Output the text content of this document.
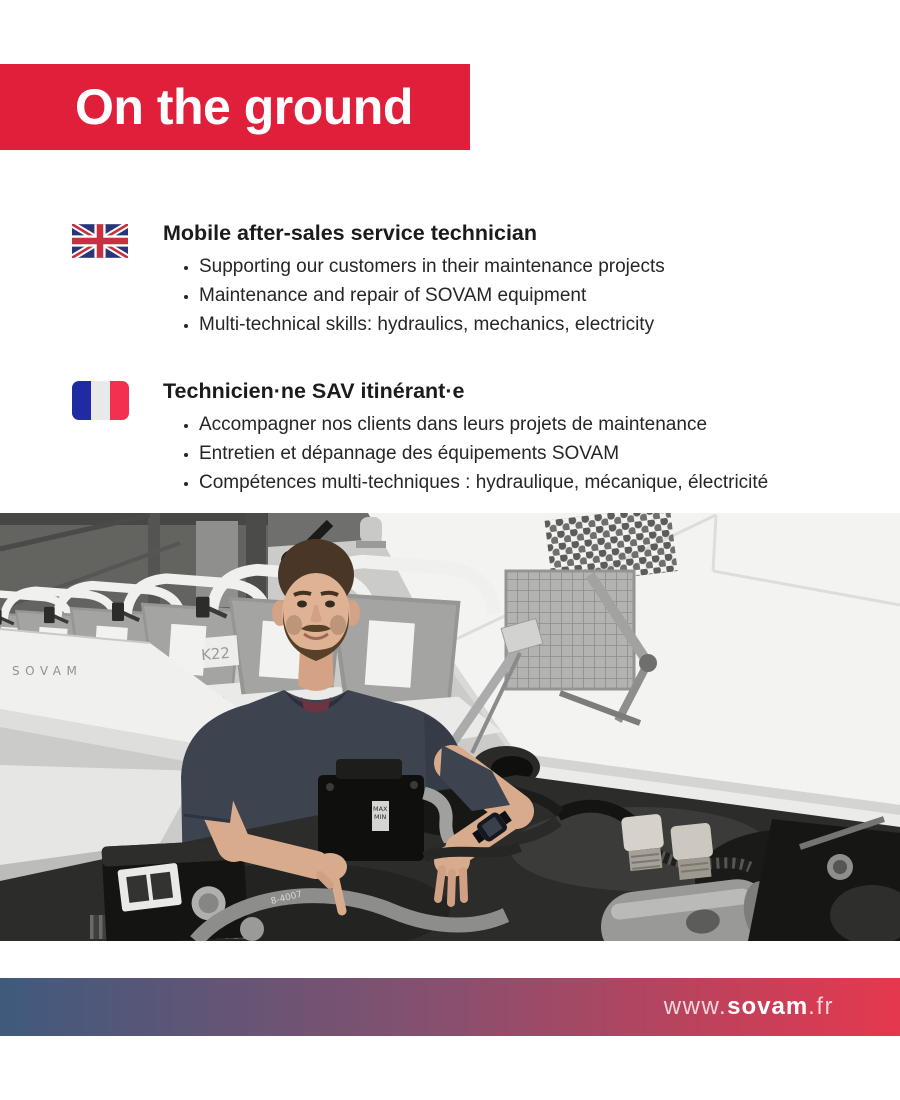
On the ground
Mobile after-sales service technician
• Supporting our customers in their maintenance projects
• Maintenance and repair of SOVAM equipment
• Multi-technical skills: hydraulics, mechanics, electricity
Technicien·ne SAV itinérant·e
• Accompagner nos clients dans leurs projets de maintenance
• Entretien et dépannage des équipements SOVAM
• Compétences multi-techniques : hydraulique, mécanique, électricité
K22
SOVAM
MAX
MIN
8-4007
www.sovam.fr
